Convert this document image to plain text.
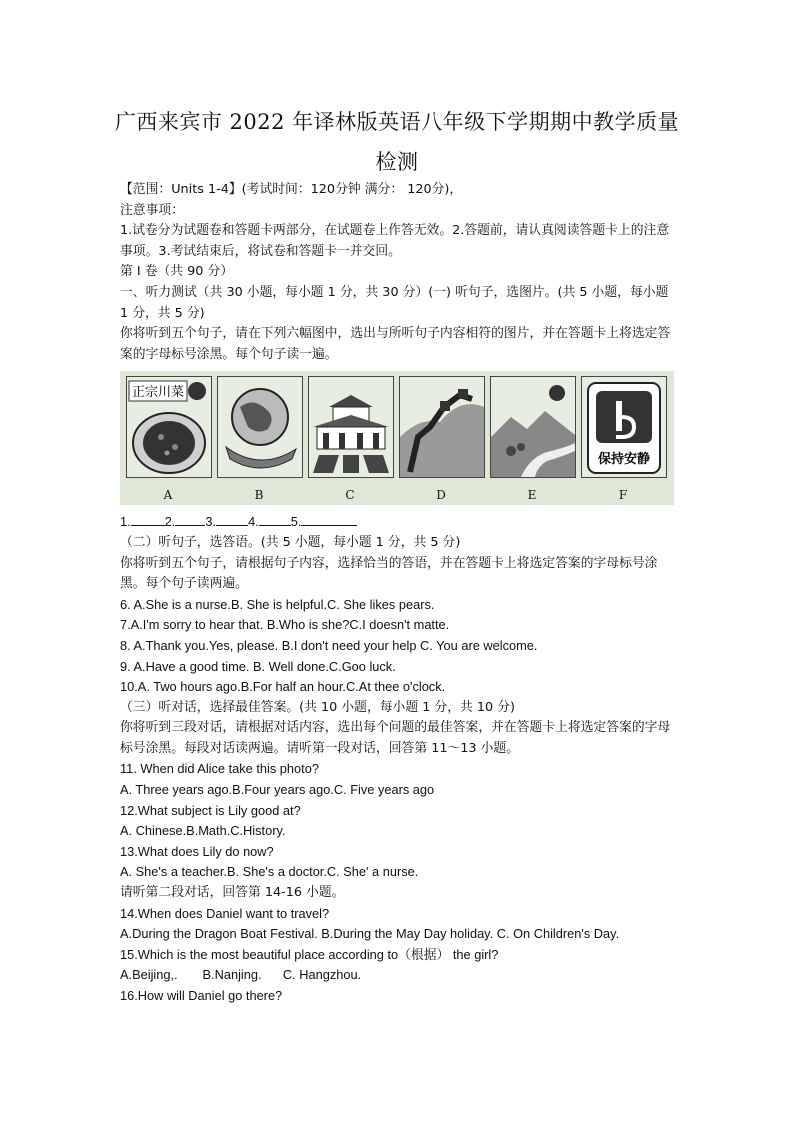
广西来宾市 2022 年译林版英语八年级下学期期中教学质量
检测

【范围：Units 1-4】(考试时间：120分钟 满分： 120分)，

注意事项：

1.试卷分为试题卷和答题卡两部分，在试题卷上作答无效。2.答题前，请认真阅读答题卡上的注意事项。3.考试结束后，将试卷和答题卡一并交回。

第 I 卷（共 90 分）

一、听力测试（共 30 小题，每小题 1 分，共 30 分）(一) 听句子，选图片。(共 5 小题，每小题 1 分，共 5 分)

你将听到五个句子，请在下列六幅图中，选出与所听句子内容相符的图片，并在答题卡上将选定答案的字母标号涂黑。每个句子读一遍。

正宗川菜
保持安静
A	B	C	D	E	F

1.	2. 3.	4.	5.

（二）听句子，选答语。(共 5 小题，每小题 1 分，共 5 分)

你将听到五个句子，请根据句子内容，选择恰当的答语，并在答题卡上将选定答案的字母标号涂黑。每个句子读两遍。

6. A.She is a nurse.B. She is helpful.C. She likes pears.

7.A.I'm sorry to hear that. B.Who is she?C.I doesn't matte.

8. A.Thank you.Yes, please. B.I don't need your help C. You are welcome.

9. A.Have a good time. B. Well done.C.Goo luck.

10.A. Two hours ago.B.For half an hour.C.At thee o'clock.

（三）听对话，选择最佳答案。(共 10 小题，每小题 1 分，共 10 分)

你将听到三段对话，请根据对话内容，选出每个问题的最佳答案，并在答题卡上将选定答案的字母标号涂黑。每段对话读两遍。请听第一段对话，回答第 11～13 小题。

11. When did Alice take this photo?

A. Three years ago.B.Four years ago.C. Five years ago

12.What subject is Lily good at?

A. Chinese.B.Math.C.History.

13.What does Lily do now?

A. She's a teacher.B. She's a doctor.C. She' a nurse.

请听第二段对话，回答第 14-16 小题。

14.When does Daniel want to travel?

A.During the Dragon Boat Festival. B.During the May Day holiday. C. On Children's Day.

15.Which is the most beautiful place according to（根据） the girl?

A.Beijing,.       B.Nanjing.      C. Hangzhou.

16.How will Daniel go there?
